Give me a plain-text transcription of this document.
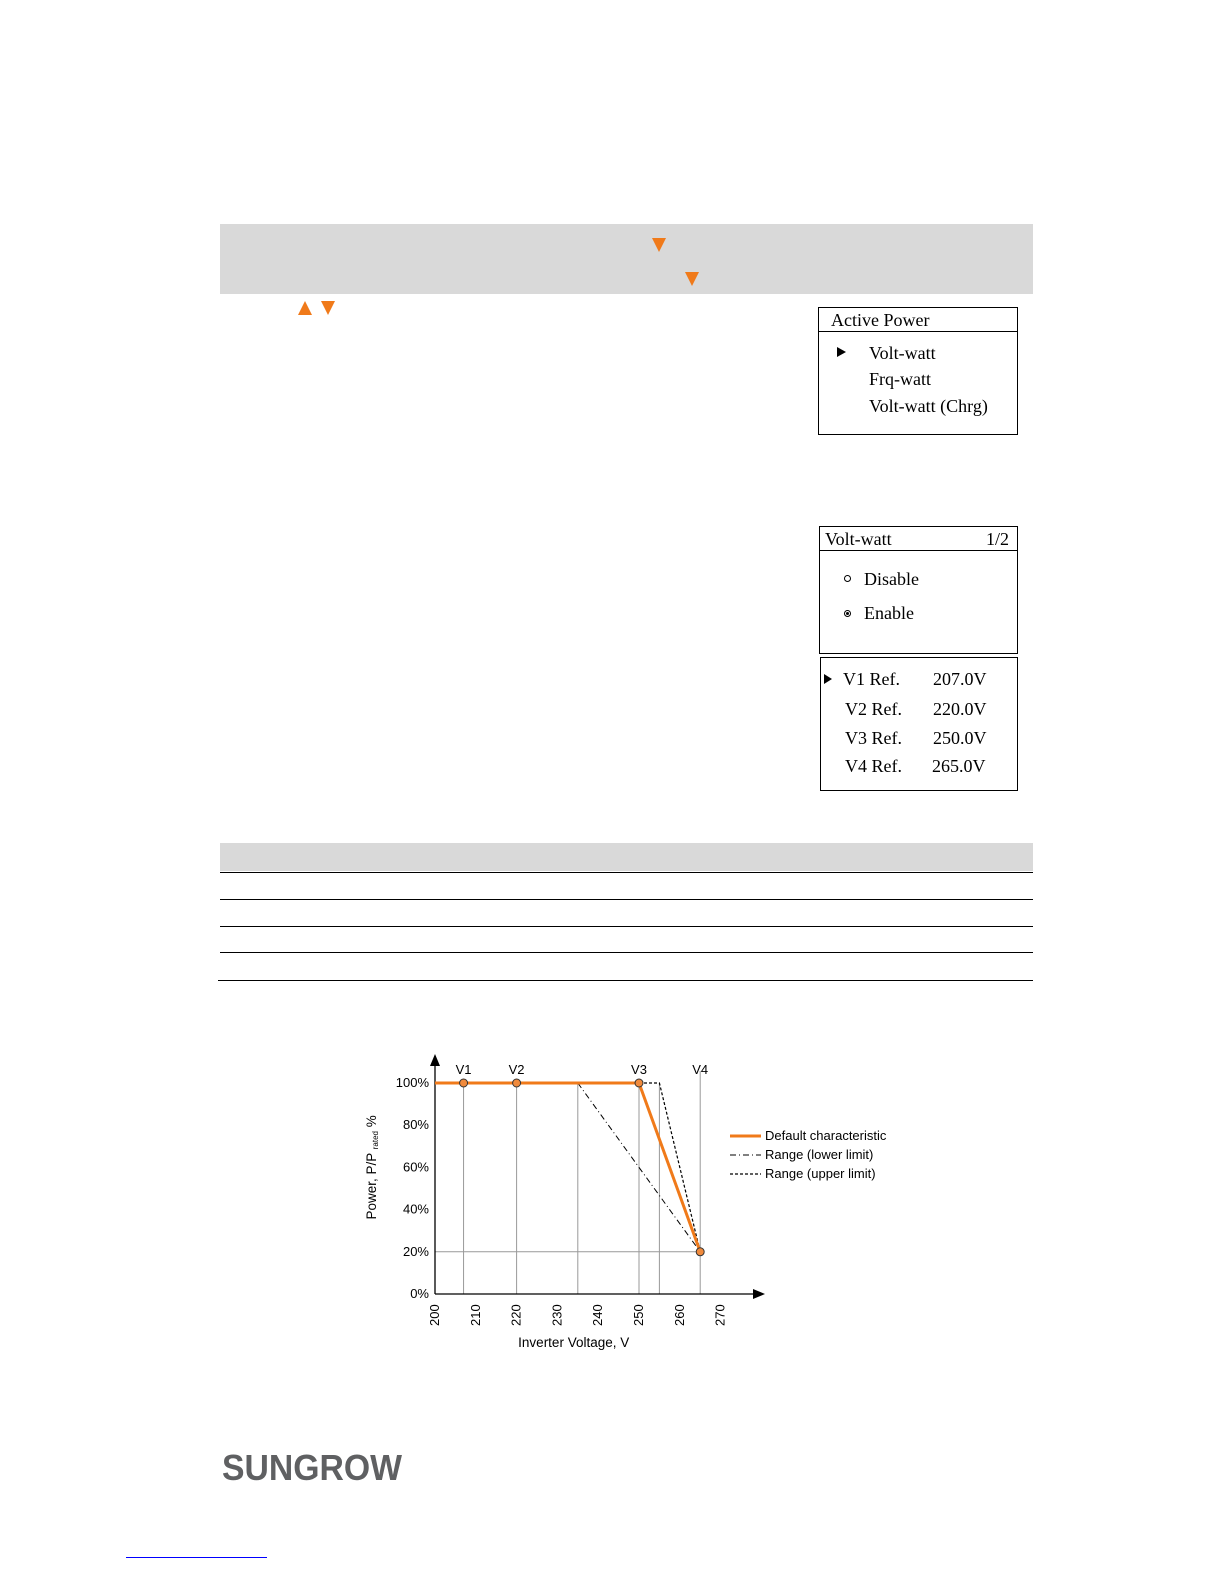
Active Power
Volt-watt
Frq-watt
Volt-watt (Chrg)
Volt-watt	1/2
Disable
Enable
V1 Ref. 207.0V
V2 Ref. 220.0V
V3 Ref. 250.0V
V4 Ref. 265.0V
0%
20%
40%
60%
80%
100%
200 210 220 230 240 250 260 270
Inverter Voltage, V
Power, P/P rated %
V1	V2	V3	V4
Default characteristic
Range (lower limit)
Range (upper limit)
SUNGROW
